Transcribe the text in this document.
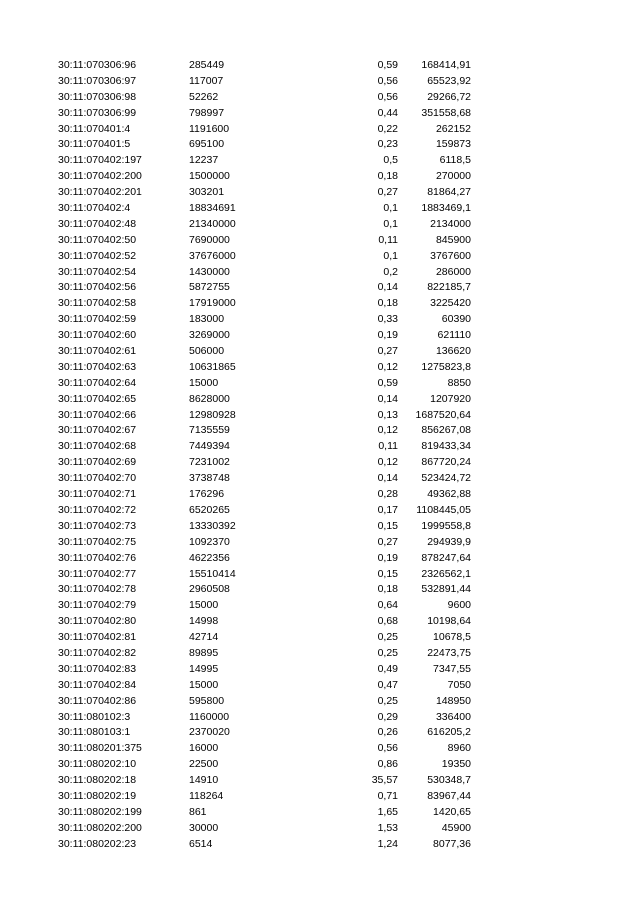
30:11:070306:96	285449	0,59 168414,91
30:11:070306:97	117007	0,56	65523,92
30:11:070306:98	52262	0,56	29266,72
30:11:070306:99	798997	0,44 351558,68
30:11:070401:4	1191600	0,22	262152
30:11:070401:5	695100	0,23	159873
30:11:070402:197	12237	0,5	6118,5
30:11:070402:200	1500000	0,18	270000
30:11:070402:201	303201	0,27	81864,27
30:11:070402:4	18834691	0,1 1883469,1
30:11:070402:48	21340000	0,1	2134000
30:11:070402:50	7690000	0,11	845900
30:11:070402:52	37676000	0,1	3767600
30:11:070402:54	1430000	0,2	286000
30:11:070402:56	5872755	0,14	822185,7
30:11:070402:58	17919000	0,18	3225420
30:11:070402:59	183000	0,33	60390
30:11:070402:60	3269000	0,19	621110
30:11:070402:61	506000	0,27	136620
30:11:070402:63	10631865	0,12 1275823,8
30:11:070402:64	15000	0,59	8850
30:11:070402:65	8628000	0,14	1207920
30:11:070402:66	12980928	0,13 1687520,64
30:11:070402:67	7135559	0,12 856267,08
30:11:070402:68	7449394	0,11 819433,34
30:11:070402:69	7231002	0,12 867720,24
30:11:070402:70	3738748	0,14 523424,72
30:11:070402:71	176296	0,28	49362,88
30:11:070402:72	6520265	0,17 1108445,05
30:11:070402:73	13330392	0,15 1999558,8
30:11:070402:75	1092370	0,27	294939,9
30:11:070402:76	4622356	0,19 878247,64
30:11:070402:77	15510414	0,15 2326562,1
30:11:070402:78	2960508	0,18 532891,44
30:11:070402:79	15000	0,64	9600
30:11:070402:80	14998	0,68	10198,64
30:11:070402:81	42714	0,25	10678,5
30:11:070402:82	89895	0,25	22473,75
30:11:070402:83	14995	0,49	7347,55
30:11:070402:84	15000	0,47	7050
30:11:070402:86	595800	0,25	148950
30:11:080102:3	1160000	0,29	336400
30:11:080103:1	2370020	0,26	616205,2
30:11:080201:375	16000	0,56	8960
30:11:080202:10	22500	0,86	19350
30:11:080202:18	14910	35,57	530348,7
30:11:080202:19	118264	0,71	83967,44
30:11:080202:199	861	1,65	1420,65
30:11:080202:200	30000	1,53	45900
30:11:080202:23	6514	1,24	8077,36
